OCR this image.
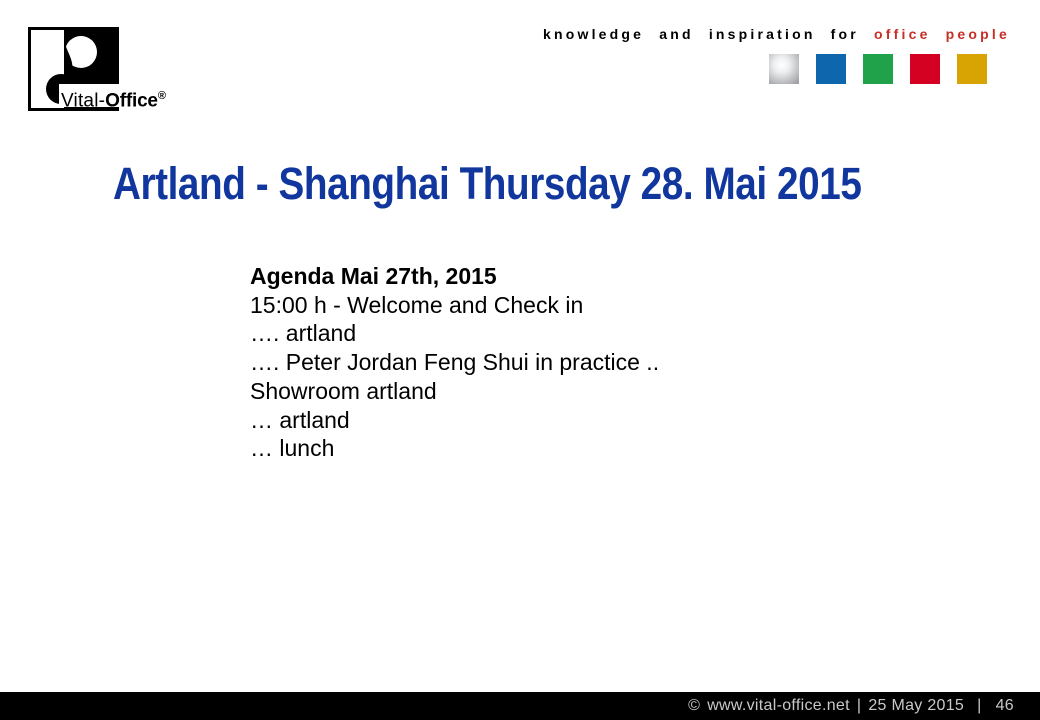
Vital-Office®
knowledge and inspiration for office people
Artland - Shanghai Thursday 28. Mai 2015

Agenda Mai 27th, 2015

15:00 h - Welcome and Check in

…. artland

…. Peter Jordan Feng Shui in practice ..

Showroom artland

… artland

… lunch

© www.vital-office.net | 25 May 2015 | 46
